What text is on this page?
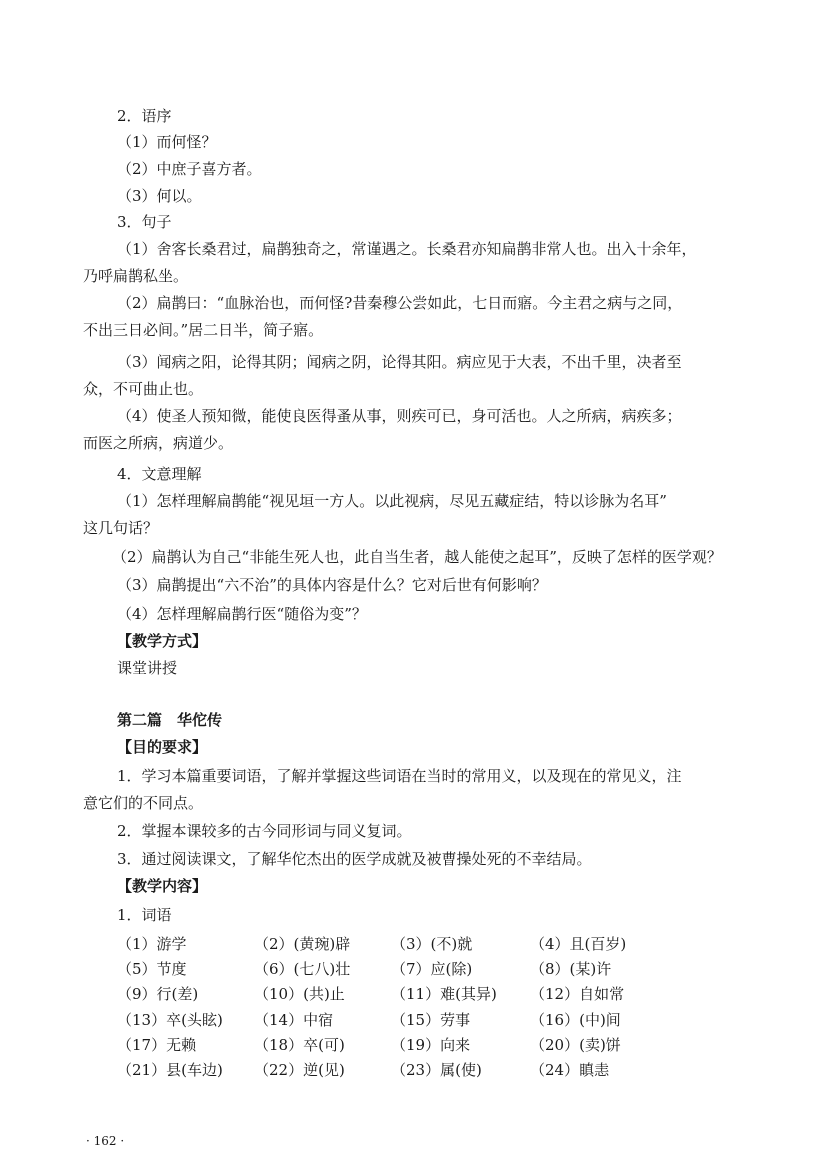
2．语序
（1）而何怪？
（2）中庶子喜方者。
（3）何以。
3．句子
（1）舍客长桑君过，扁鹊独奇之，常谨遇之。长桑君亦知扁鹊非常人也。出入十余年，
乃呼扁鹊私坐。
（2）扁鹊曰：“血脉治也，而何怪?昔秦穆公尝如此，七日而寤。今主君之病与之同，
不出三日必间。”居二日半，简子寤。
（3）闻病之阳，论得其阴；闻病之阴，论得其阳。病应见于大表，不出千里，决者至
众，不可曲止也。
（4）使圣人预知微，能使良医得蚤从事，则疾可已，身可活也。人之所病，病疾多；
而医之所病，病道少。
4．文意理解
（1）怎样理解扁鹊能“视见垣一方人。以此视病，尽见五藏症结，特以诊脉为名耳”
这几句话？
（2）扁鹊认为自己“非能生死人也，此自当生者，越人能使之起耳”，反映了怎样的医学观？
（3）扁鹊提出“六不治”的具体内容是什么？它对后世有何影响？
（4）怎样理解扁鹊行医“随俗为变”？
【教学方式】
课堂讲授
第二篇　华佗传
【目的要求】
1．学习本篇重要词语，了解并掌握这些词语在当时的常用义，以及现在的常见义，注
意它们的不同点。
2．掌握本课较多的古今同形词与同义复词。
3．通过阅读课文，了解华佗杰出的医学成就及被曹操处死的不幸结局。
【教学内容】
1．词语
（1）游学	（2）(黄琬)辟	（3）(不)就	（4）且(百岁)
（5）节度	（6）(七八)壮	（7）应(除)	（8）(某)许
（9）行(差)	（10）(共)止	（11）难(其异) （12）自如常
（13）卒(头眩) （14）中宿	（15）劳事	（16）(中)间
（17）无赖	（18）卒(可)	（19）向来	（20）(卖)饼
（21）县(车边) （22）逆(见)	（23）属(使)	（24）瞋恚
· 162 ·
